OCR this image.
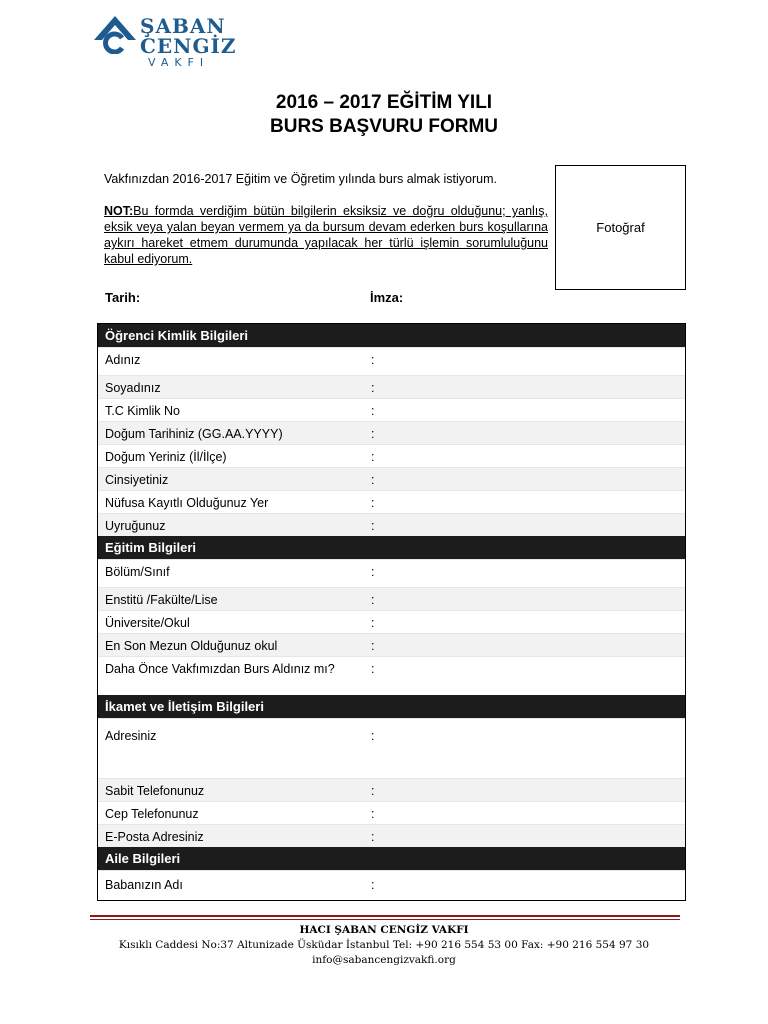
ŞABAN
CENGİZ
VAKFI
2016 – 2017 EĞİTİM YILI
BURS BAŞVURU FORMU
Vakfınızdan 2016-2017 Eğitim ve Öğretim yılında burs almak istiyorum.
NOT:Bu formda verdiğim bütün bilgilerin eksiksiz ve doğru olduğunu; yanlış, eksik veya yalan beyan vermem ya da bursum devam ederken burs koşullarına aykırı hareket etmem durumunda yapılacak her türlü işlemin sorumluluğunu kabul ediyorum.
Fotoğraf
Tarih:	İmza:
Öğrenci Kimlik Bilgileri
Adınız	:
Soyadınız	:
T.C Kimlik No	:
Doğum Tarihiniz (GG.AA.YYYY)	:
Doğum Yeriniz (İl/İlçe)	:
Cinsiyetiniz	:
Nüfusa Kayıtlı Olduğunuz Yer	:
Uyruğunuz	:
Eğitim Bilgileri
Bölüm/Sınıf	:
Enstitü /Fakülte/Lise	:
Üniversite/Okul	:
En Son Mezun Olduğunuz okul	:
Daha Önce Vakfımızdan Burs Aldınız mı?	:
İkamet ve İletişim Bilgileri
Adresiniz	:
Sabit Telefonunuz	:
Cep Telefonunuz	:
E-Posta Adresiniz	:
Aile Bilgileri
Babanızın Adı	:
HACI ŞABAN CENGİZ VAKFI
Kısıklı Caddesi No:37 Altunizade Üsküdar İstanbul Tel: +90 216 554 53 00 Fax: +90 216 554 97 30
info@sabancengizvakfi.org
